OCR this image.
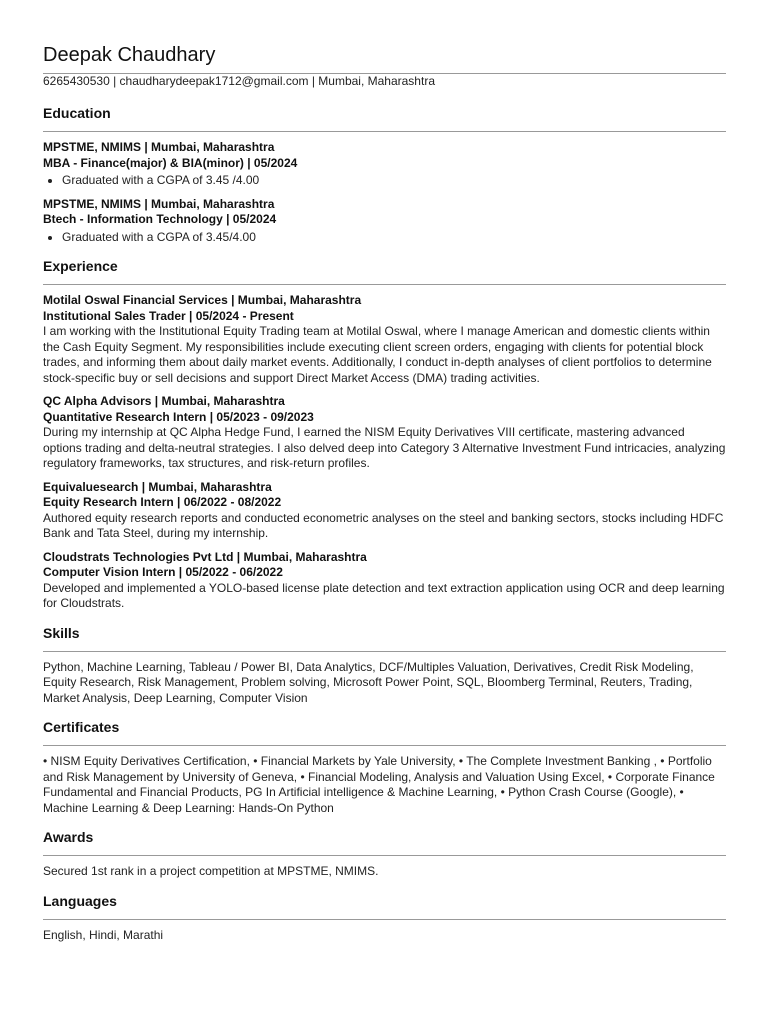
Deepak Chaudhary
6265430530 | chaudharydeepak1712@gmail.com | Mumbai, Maharashtra
Education
MPSTME, NMIMS | Mumbai, Maharashtra
MBA - Finance(major) & BIA(minor) | 05/2024
• Graduated with a CGPA of 3.45 /4.00
MPSTME, NMIMS | Mumbai, Maharashtra
Btech - Information Technology | 05/2024
• Graduated with a CGPA of 3.45/4.00
Experience
Motilal Oswal Financial Services | Mumbai, Maharashtra
Institutional Sales Trader | 05/2024 - Present
I am working with the Institutional Equity Trading team at Motilal Oswal, where I manage American and domestic clients within the Cash Equity Segment. My responsibilities include executing client screen orders, engaging with clients for potential block trades, and informing them about daily market events. Additionally, I conduct in-depth analyses of client portfolios to determine stock-specific buy or sell decisions and support Direct Market Access (DMA) trading activities.
QC Alpha Advisors | Mumbai, Maharashtra
Quantitative Research Intern | 05/2023 - 09/2023
During my internship at QC Alpha Hedge Fund, I earned the NISM Equity Derivatives VIII certificate, mastering advanced options trading and delta-neutral strategies. I also delved deep into Category 3 Alternative Investment Fund intricacies, analyzing regulatory frameworks, tax structures, and risk-return profiles.
Equivaluesearch | Mumbai, Maharashtra
Equity Research Intern | 06/2022 - 08/2022
Authored equity research reports and conducted econometric analyses on the steel and banking sectors, stocks including HDFC Bank and Tata Steel, during my internship.
Cloudstrats Technologies Pvt Ltd | Mumbai, Maharashtra
Computer Vision Intern | 05/2022 - 06/2022
Developed and implemented a YOLO-based license plate detection and text extraction application using OCR and deep learning for Cloudstrats.
Skills
Python, Machine Learning, Tableau / Power BI, Data Analytics, DCF/Multiples Valuation, Derivatives, Credit Risk Modeling, Equity Research, Risk Management, Problem solving, Microsoft Power Point, SQL, Bloomberg Terminal, Reuters, Trading, Market Analysis, Deep Learning, Computer Vision
Certificates
• NISM Equity Derivatives Certification, • Financial Markets by Yale University, • The Complete Investment Banking , • Portfolio and Risk Management by University of Geneva, • Financial Modeling, Analysis and Valuation Using Excel, • Corporate Finance Fundamental and Financial Products, PG In Artificial intelligence & Machine Learning, • Python Crash Course (Google), • Machine Learning & Deep Learning: Hands-On Python
Awards
Secured 1st rank in a project competition at MPSTME, NMIMS.
Languages
English, Hindi, Marathi
